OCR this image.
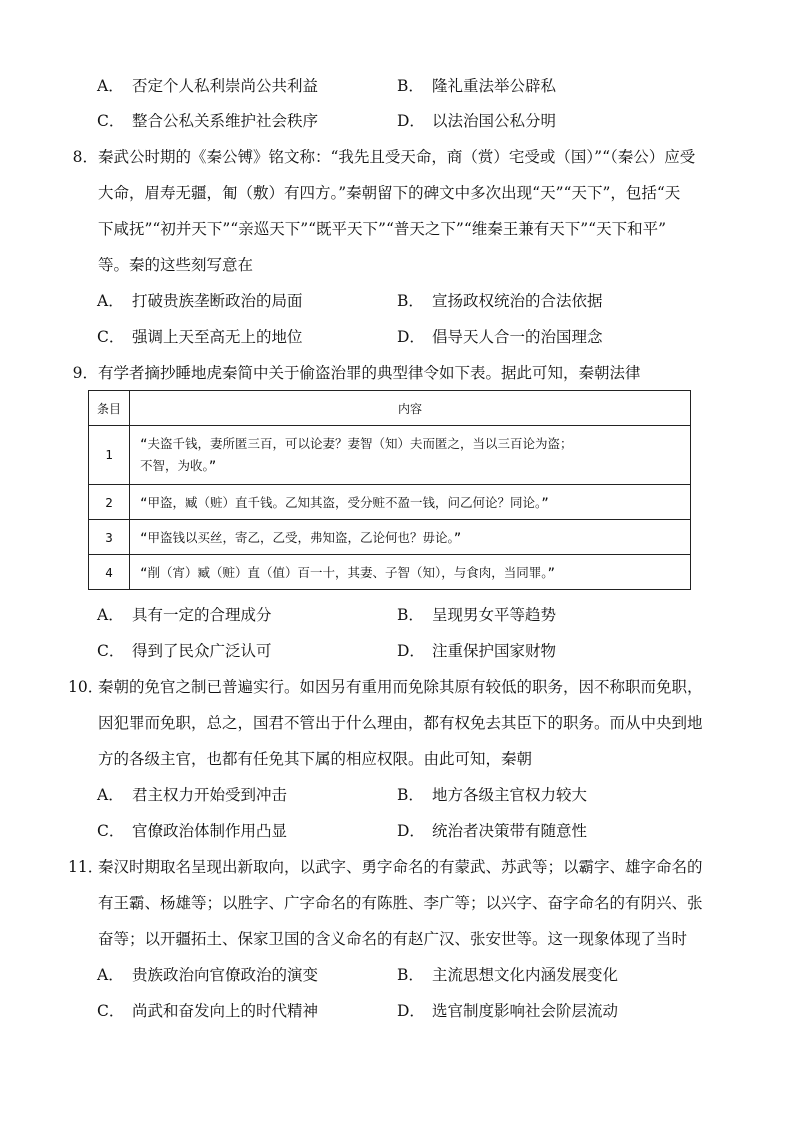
A． 否定个人私利崇尚公共利益	B． 隆礼重法举公辟私
C． 整合公私关系维护社会秩序	D． 以法治国公私分明
8． 秦武公时期的《秦公镈》铭文称：“我先且受天命，商（赏）宅受或（国）”“（秦公）应受
大命，眉寿无疆，匍（敷）有四方。”秦朝留下的碑文中多次出现“天”“天下”，包括“天
下咸抚”“初并天下”“亲巡天下”“既平天下”“普天之下”“维秦王兼有天下”“天下和平”
等。秦的这些刻写意在
A． 打破贵族垄断政治的局面	B． 宣扬政权统治的合法依据
C． 强调上天至高无上的地位	D． 倡导天人合一的治国理念
9． 有学者摘抄睡地虎秦简中关于偷盗治罪的典型律令如下表。据此可知，秦朝法律
条目	内容
1	“夫盗千钱，妻所匿三百，可以论妻？妻智（知）夫而匿之，当以三百论为盗；
不智，为收。”

2	“甲盗，臧（赃）直千钱。乙知其盗，受分赃不盈一钱，问乙何论？同论。”
3	“甲盗钱以买丝，寄乙，乙受，弗知盗，乙论何也？毋论。”
4	“削（宵）臧（赃）直（值）百一十，其妻、子智（知），与食肉，当同罪。”
A． 具有一定的合理成分	B． 呈现男女平等趋势
C． 得到了民众广泛认可	D． 注重保护国家财物
10．
秦朝的免官之制已普遍实行。如因另有重用而免除其原有较低的职务，因不称职而免职，
因犯罪而免职，总之，国君不管出于什么理由，都有权免去其臣下的职务。而从中央到地
方的各级主官，也都有任免其下属的相应权限。由此可知，秦朝
A． 君主权力开始受到冲击	B． 地方各级主官权力较大
C． 官僚政治体制作用凸显	D． 统治者决策带有随意性
11．
秦汉时期取名呈现出新取向，以武字、勇字命名的有蒙武、苏武等；以霸字、雄字命名的
有王霸、杨雄等；以胜字、广字命名的有陈胜、李广等；以兴字、奋字命名的有阴兴、张
奋等；以开疆拓土、保家卫国的含义命名的有赵广汉、张安世等。这一现象体现了当时
A． 贵族政治向官僚政治的演变	B． 主流思想文化内涵发展变化
C． 尚武和奋发向上的时代精神	D． 选官制度影响社会阶层流动
